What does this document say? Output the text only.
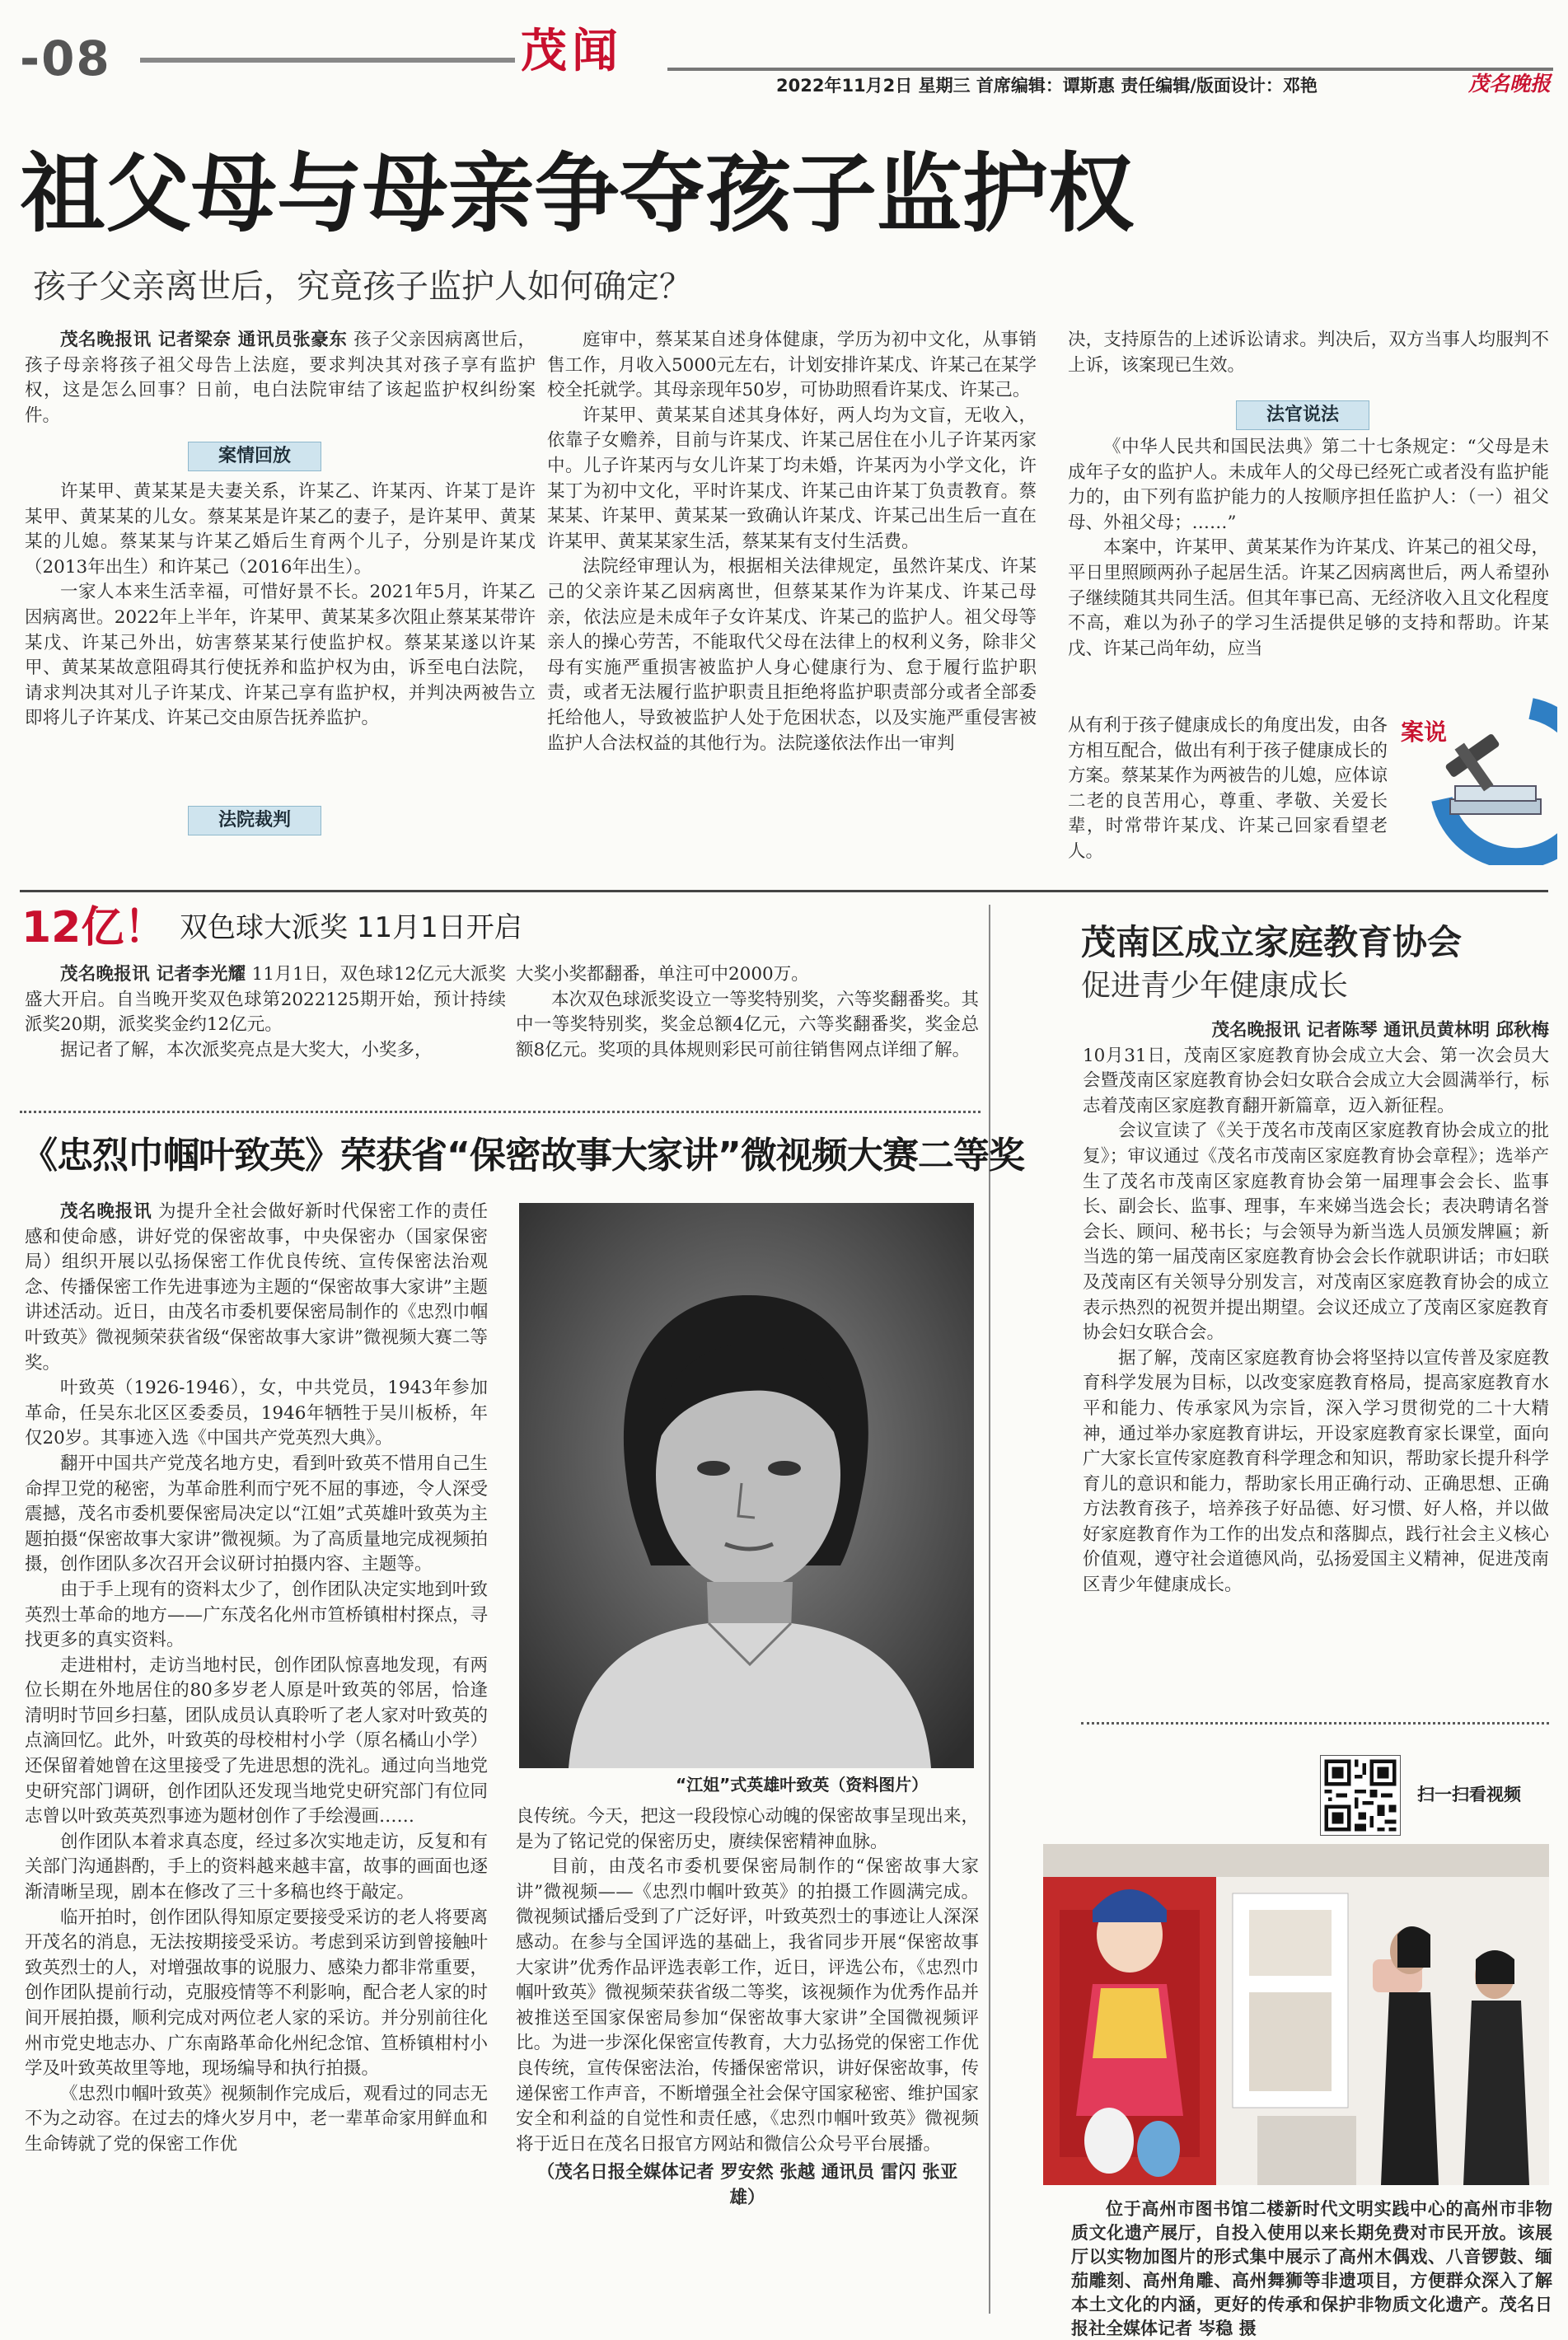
-08	茂闻
2022年11月2日 星期三 首席编辑：谭斯惠 责任编辑/版面设计：邓艳	茂名晚报
祖父母与母亲争夺孩子监护权
孩子父亲离世后，究竟孩子监护人如何确定？

茂名晚报讯 记者梁奈 通讯员张豪东 孩子父亲因病离世后，孩子母亲将孩子祖父母告上法庭，要求判决其对孩子享有监护权，这是怎么回事？日前，电白法院审结了该起监护权纠纷案件。

案情回放

许某甲、黄某某是夫妻关系，许某乙、许某丙、许某丁是许某甲、黄某某的儿女。蔡某某是许某乙的妻子，是许某甲、黄某某的儿媳。蔡某某与许某乙婚后生育两个儿子，分别是许某戊（2013年出生）和许某己（2016年出生）。

一家人本来生活幸福，可惜好景不长。2021年5月，许某乙因病离世。2022年上半年，许某甲、黄某某多次阻止蔡某某带许某戊、许某己外出，妨害蔡某某行使监护权。蔡某某遂以许某甲、黄某某故意阻碍其行使抚养和监护权为由，诉至电白法院，请求判决其对儿子许某戊、许某己享有监护权，并判决两被告立即将儿子许某戊、许某己交由原告抚养监护。

法院裁判

庭审中，蔡某某自述身体健康，学历为初中文化，从事销售工作，月收入5000元左右，计划安排许某戊、许某己在某学校全托就学。其母亲现年50岁，可协助照看许某戊、许某己。

许某甲、黄某某自述其身体好，两人均为文盲，无收入，依靠子女赡养，目前与许某戊、许某己居住在小儿子许某丙家中。儿子许某丙与女儿许某丁均未婚，许某丙为小学文化，许某丁为初中文化，平时许某戊、许某己由许某丁负责教育。蔡某某、许某甲、黄某某一致确认许某戊、许某己出生后一直在许某甲、黄某某家生活，蔡某某有支付生活费。

法院经审理认为，根据相关法律规定，虽然许某戊、许某己的父亲许某乙因病离世，但蔡某某作为许某戊、许某己母亲，依法应是未成年子女许某戊、许某己的监护人。祖父母等亲人的操心劳苦，不能取代父母在法律上的权利义务，除非父母有实施严重损害被监护人身心健康行为、怠于履行监护职责，或者无法履行监护职责且拒绝将监护职责部分或者全部委托给他人，导致被监护人处于危困状态，以及实施严重侵害被监护人合法权益的其他行为。法院遂依法作出一审判

决，支持原告的上述诉讼请求。判决后，双方当事人均服判不上诉，该案现已生效。

法官说法

《中华人民共和国民法典》第二十七条规定：“父母是未成年子女的监护人。未成年人的父母已经死亡或者没有监护能力的，由下列有监护能力的人按顺序担任监护人：（一）祖父母、外祖父母；……”

本案中，许某甲、黄某某作为许某戊、许某己的祖父母，平日里照顾两孙子起居生活。许某乙因病离世后，两人希望孙子继续随其共同生活。但其年事已高、无经济收入且文化程度不高，难以为孙子的学习生活提供足够的支持和帮助。许某戊、许某己尚年幼，应当

从有利于孩子健康成长的角度出发，由各方相互配合，做出有利于孩子健康成长的方案。蔡某某作为两被告的儿媳，应体谅二老的良苦用心，尊重、孝敬、关爱长辈，时常带许某戊、许某己回家看望老人。

案说
12亿！ 双色球大派奖 11月1日开启

茂名晚报讯 记者李光耀 11月1日，双色球12亿元大派奖盛大开启。自当晚开奖双色球第2022125期开始，预计持续派奖20期，派奖奖金约12亿元。

据记者了解，本次派奖亮点是大奖大，小奖多，

大奖小奖都翻番，单注可中2000万。

本次双色球派奖设立一等奖特别奖，六等奖翻番奖。其中一等奖特别奖，奖金总额4亿元，六等奖翻番奖，奖金总额8亿元。奖项的具体规则彩民可前往销售网点详细了解。

茂南区成立家庭教育协会
促进青少年健康成长

茂名晚报讯 记者陈琴 通讯员黄林明 邱秋梅

10月31日，茂南区家庭教育协会成立大会、第一次会员大会暨茂南区家庭教育协会妇女联合会成立大会圆满举行，标志着茂南区家庭教育翻开新篇章，迈入新征程。

会议宣读了《关于茂名市茂南区家庭教育协会成立的批复》；审议通过《茂名市茂南区家庭教育协会章程》；选举产生了茂名市茂南区家庭教育协会第一届理事会会长、监事长、副会长、监事、理事，车来娣当选会长；表决聘请名誉会长、顾问、秘书长；与会领导为新当选人员颁发牌匾；新当选的第一届茂南区家庭教育协会会长作就职讲话；市妇联及茂南区有关领导分别发言，对茂南区家庭教育协会的成立表示热烈的祝贺并提出期望。会议还成立了茂南区家庭教育协会妇女联合会。

据了解，茂南区家庭教育协会将坚持以宣传普及家庭教育科学发展为目标，以改变家庭教育格局，提高家庭教育水平和能力、传承家风为宗旨，深入学习贯彻党的二十大精神，通过举办家庭教育讲坛，开设家庭教育家长课堂，面向广大家长宣传家庭教育科学理念和知识，帮助家长提升科学育儿的意识和能力，帮助家长用正确行动、正确思想、正确方法教育孩子，培养孩子好品德、好习惯、好人格，并以做好家庭教育作为工作的出发点和落脚点，践行社会主义核心价值观，遵守社会道德风尚，弘扬爱国主义精神，促进茂南区青少年健康成长。

《忠烈巾帼叶致英》荣获省“保密故事大家讲”微视频大赛二等奖

茂名晚报讯 为提升全社会做好新时代保密工作的责任感和使命感，讲好党的保密故事，中央保密办（国家保密局）组织开展以弘扬保密工作优良传统、宣传保密法治观念、传播保密工作先进事迹为主题的“保密故事大家讲”主题讲述活动。近日，由茂名市委机要保密局制作的《忠烈巾帼叶致英》微视频荣获省级“保密故事大家讲”微视频大赛二等奖。

叶致英（1926-1946），女，中共党员，1943年参加革命，任吴东北区区委委员，1946年牺牲于吴川板桥，年仅20岁。其事迹入选《中国共产党英烈大典》。

翻开中国共产党茂名地方史，看到叶致英不惜用自己生命捍卫党的秘密，为革命胜利而宁死不屈的事迹，令人深受震撼，茂名市委机要保密局决定以“江姐”式英雄叶致英为主题拍摄“保密故事大家讲”微视频。为了高质量地完成视频拍摄，创作团队多次召开会议研讨拍摄内容、主题等。

由于手上现有的资料太少了，创作团队决定实地到叶致英烈士革命的地方——广东茂名化州市笪桥镇柑村探点，寻找更多的真实资料。

走进柑村，走访当地村民，创作团队惊喜地发现，有两位长期在外地居住的80多岁老人原是叶致英的邻居，恰逢清明时节回乡扫墓，团队成员认真聆听了老人家对叶致英的点滴回忆。此外，叶致英的母校柑村小学（原名橘山小学）还保留着她曾在这里接受了先进思想的洗礼。通过向当地党史研究部门调研，创作团队还发现当地党史研究部门有位同志曾以叶致英英烈事迹为题材创作了手绘漫画……

创作团队本着求真态度，经过多次实地走访，反复和有关部门沟通斟酌，手上的资料越来越丰富，故事的画面也逐渐清晰呈现，剧本在修改了三十多稿也终于敲定。

临开拍时，创作团队得知原定要接受采访的老人将要离开茂名的消息，无法按期接受采访。考虑到采访到曾接触叶致英烈士的人，对增强故事的说服力、感染力都非常重要，创作团队提前行动，克服疫情等不利影响，配合老人家的时间开展拍摄，顺利完成对两位老人家的采访。并分别前往化州市党史地志办、广东南路革命化州纪念馆、笪桥镇柑村小学及叶致英故里等地，现场编导和执行拍摄。

《忠烈巾帼叶致英》视频制作完成后，观看过的同志无不为之动容。在过去的烽火岁月中，老一辈革命家用鲜血和生命铸就了党的保密工作优

“江姐”式英雄叶致英（资料图片）

良传统。今天，把这一段段惊心动魄的保密故事呈现出来，是为了铭记党的保密历史，赓续保密精神血脉。

目前，由茂名市委机要保密局制作的“保密故事大家讲”微视频——《忠烈巾帼叶致英》的拍摄工作圆满完成。微视频试播后受到了广泛好评，叶致英烈士的事迹让人深深感动。在参与全国评选的基础上，我省同步开展“保密故事大家讲”优秀作品评选表彰工作，近日，评选公布，《忠烈巾帼叶致英》微视频荣获省级二等奖，该视频作为优秀作品并被推送至国家保密局参加“保密故事大家讲”全国微视频评比。为进一步深化保密宣传教育，大力弘扬党的保密工作优良传统，宣传保密法治，传播保密常识，讲好保密故事，传递保密工作声音，不断增强全社会保守国家秘密、维护国家安全和利益的自觉性和责任感，《忠烈巾帼叶致英》微视频将于近日在茂名日报官方网站和微信公众号平台展播。

（茂名日报全媒体记者 罗安然 张越 通讯员 雷闪 张亚雄）

扫一扫看视频

位于高州市图书馆二楼新时代文明实践中心的高州市非物质文化遗产展厅，自投入使用以来长期免费对市民开放。该展厅以实物加图片的形式集中展示了高州木偶戏、八音锣鼓、缅茄雕刻、高州角雕、高州舞狮等非遗项目，方便群众深入了解本土文化的内涵，更好的传承和保护非物质文化遗产。茂名日报社全媒体记者 岑稳 摄
